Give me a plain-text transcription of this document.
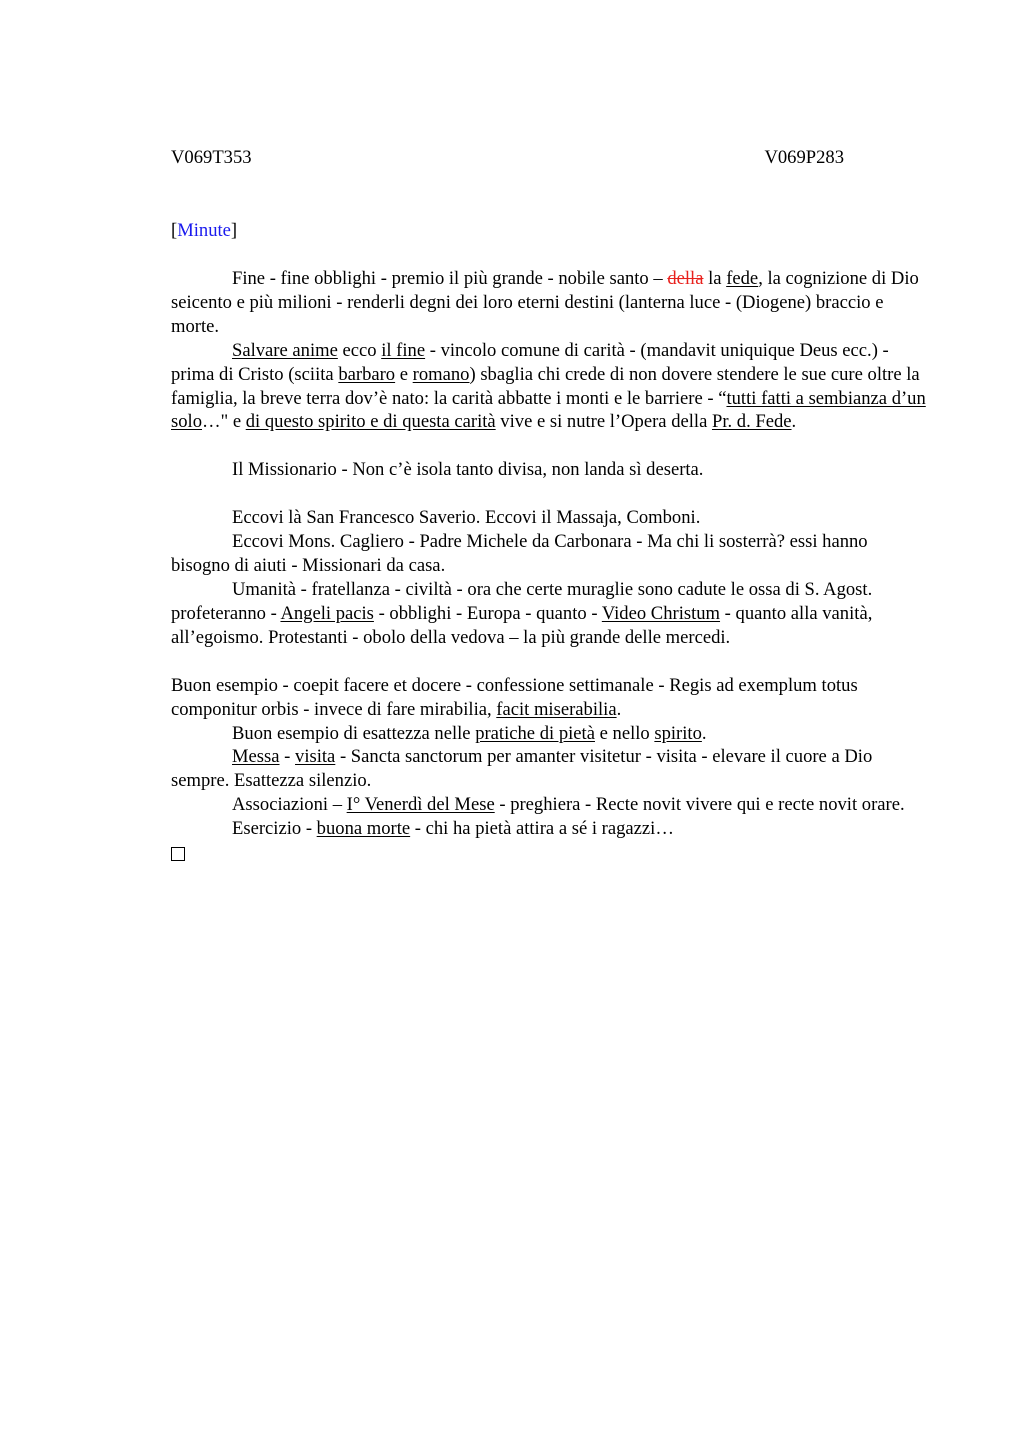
V069T353	V069P283
[Minute]

Fine - fine obblighi - premio il più grande - nobile santo – della la fede, la cognizione di Dio seicento e più milioni - renderli degni dei loro eterni destini (lanterna luce - (Diogene) braccio e morte.

Salvare anime ecco il fine - vincolo comune di carità - (mandavit uniquique Deus ecc.) - prima di Cristo (sciita barbaro e romano) sbaglia chi crede di non dovere stendere le sue cure oltre la famiglia, la breve terra dov’è nato: la carità abbatte i monti e le barriere - “tutti fatti a sembianza d’un solo…" e di questo spirito e di questa carità vive e si nutre l’Opera della Pr. d. Fede.

Il Missionario - Non c’è isola tanto divisa, non landa sì deserta.

Eccovi là San Francesco Saverio. Eccovi il Massaja, Comboni.

Eccovi Mons. Cagliero - Padre Michele da Carbonara - Ma chi li sosterrà? essi hanno bisogno di aiuti - Missionari da casa.

Umanità - fratellanza - civiltà - ora che certe muraglie sono cadute le ossa di S. Agost. profeteranno - Angeli pacis - obblighi - Europa - quanto - Video Christum - quanto alla vanità, all’egoismo. Protestanti - obolo della vedova – la più grande delle mercedi.

Buon esempio - coepit facere et docere - confessione settimanale - Regis ad exemplum totus componitur orbis - invece di fare mirabilia, facit miserabilia.

Buon esempio di esattezza nelle pratiche di pietà e nello spirito.

Messa - visita - Sancta sanctorum per amanter visitetur - visita - elevare il cuore a Dio sempre. Esattezza silenzio.

Associazioni – I° Venerdì del Mese - preghiera - Recte novit vivere qui e recte novit orare.

Esercizio - buona morte - chi ha pietà attira a sé i ragazzi…
